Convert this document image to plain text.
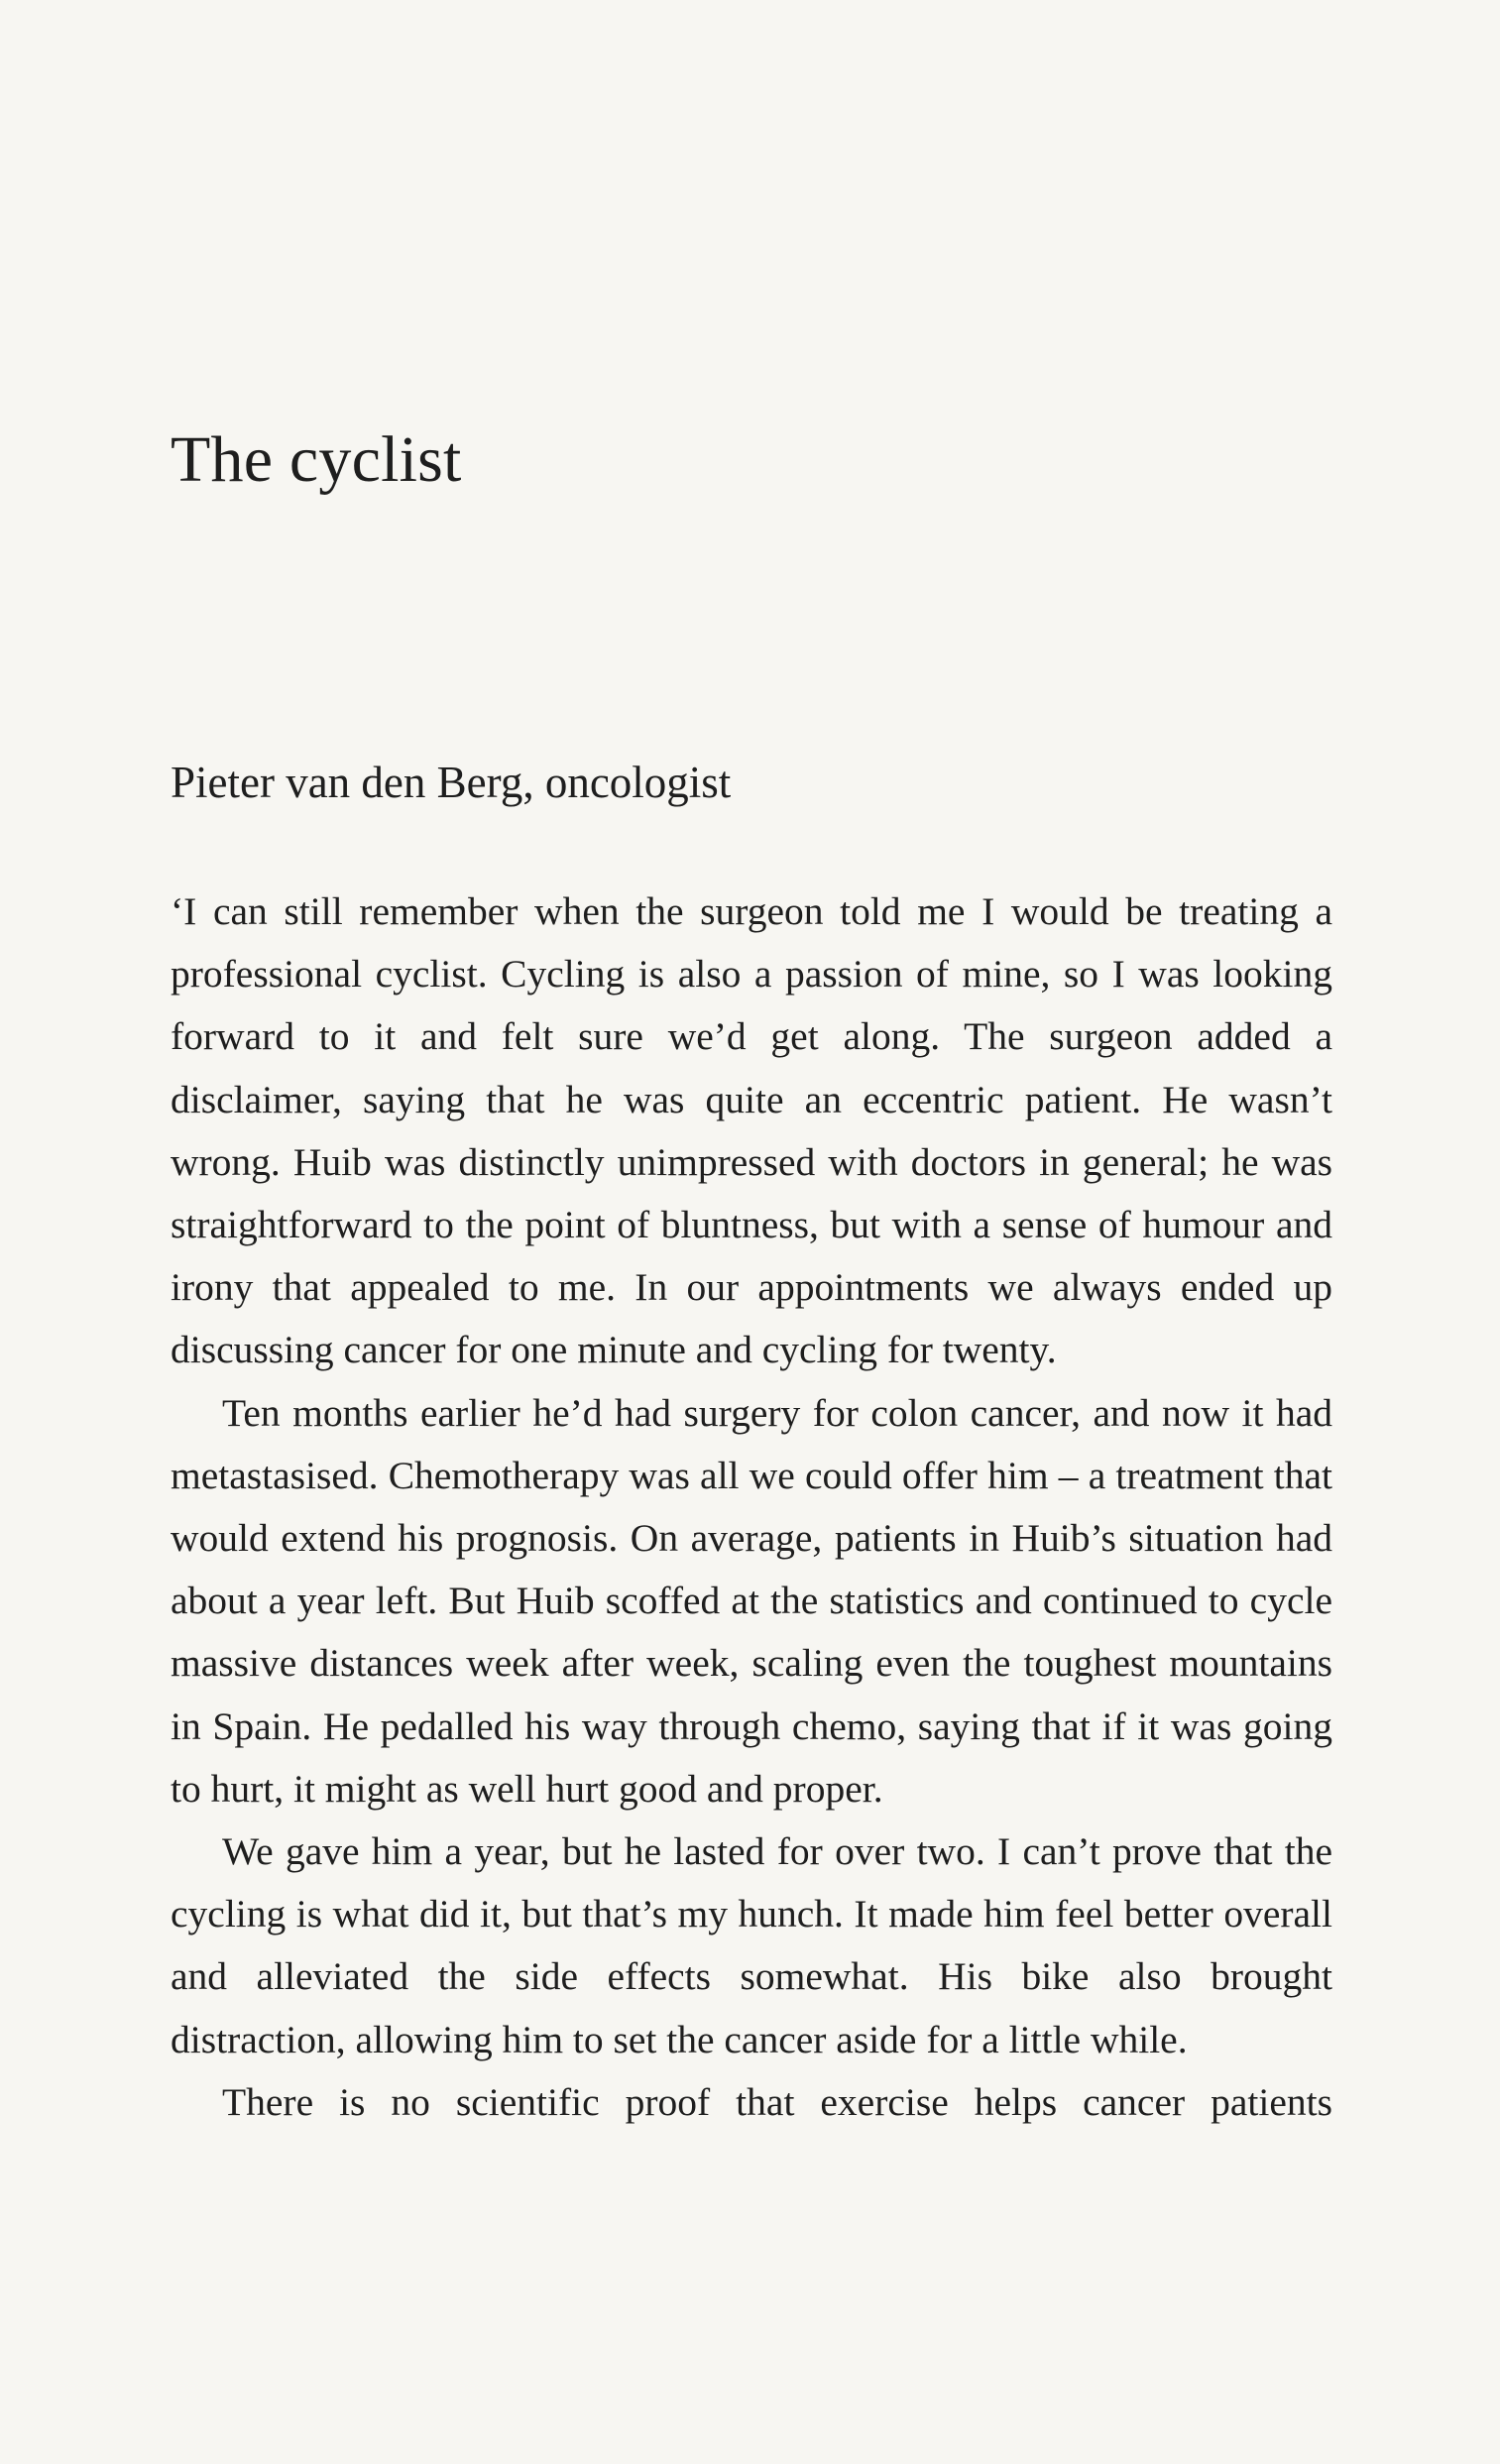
The cyclist
Pieter van den Berg, oncologist

‘I can still remember when the surgeon told me I would be treating a professional cyclist. Cycling is also a passion of mine, so I was looking forward to it and felt sure we’d get along. The surgeon added a disclaimer, saying that he was quite an eccentric patient. He wasn’t wrong. Huib was distinctly unimpressed with doctors in general; he was straightforward to the point of bluntness, but with a sense of humour and irony that appealed to me. In our appointments we always ended up discussing cancer for one minute and cycling for twenty.

Ten months earlier he’d had surgery for colon cancer, and now it had metastasised. Chemotherapy was all we could offer him – a treatment that would extend his prognosis. On average, patients in Huib’s situation had about a year left. But Huib scoffed at the statistics and continued to cycle massive distances week after week, scaling even the toughest mountains in Spain. He pedalled his way through chemo, saying that if it was going to hurt, it might as well hurt good and proper.

We gave him a year, but he lasted for over two. I can’t prove that the cycling is what did it, but that’s my hunch. It made him feel better overall and alleviated the side effects somewhat. His bike also brought distraction, allowing him to set the cancer aside for a little while.

There is no scientific proof that exercise helps cancer patients
